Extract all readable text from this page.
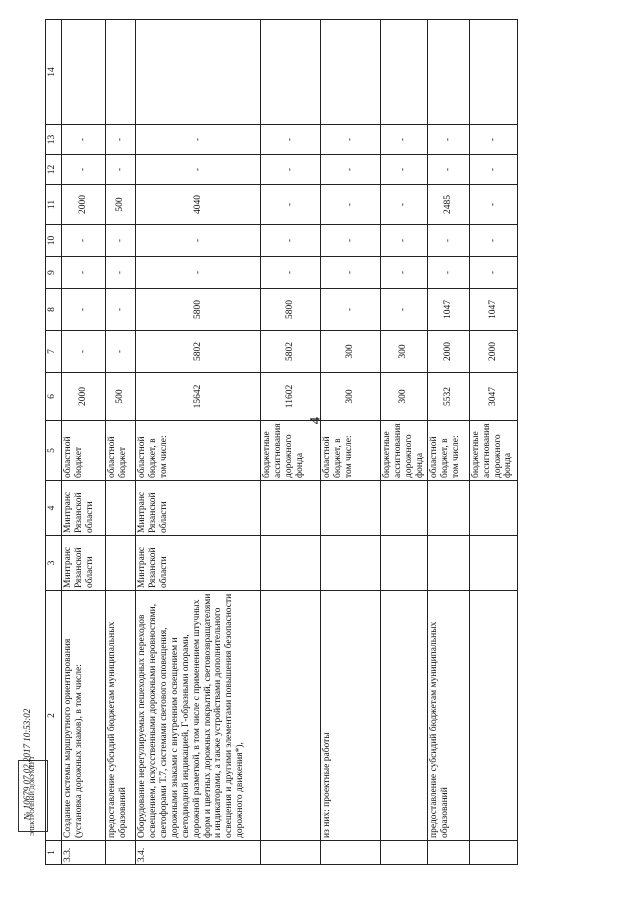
4
1	2	3	4	5	6	7	8	9	10	11	12	13	14
3.3.	Создание системы маршрутного ориентирования (установка дорожных знаков), в том числе:	Минтранс Рязанской области	Минтранс Рязанской области	областной бюджет	2000	-	-	-	-	2000	-	-	
	предоставление субсидий бюджетам муниципальных образований			областной бюджет	500	-	-	-	-	500	-	-	
3.4.	Оборудование нерегулируемых пешеходных переходов освещением, искусственными дорожными неровностями, светофорами Т.7, системами светового оповещения, дорожными знаками с внутренним освещением и светодиодной индикацией, Г-образными опорами, дорожной разметкой, в том числе с применением штучных форм и цветных дорожных покрытий, световозвращателями и индикаторами, а также устройствами дополнительного освещения и другими элементами повышения безопасности дорожного движения*),	Минтранс Рязанской области	Минтранс Рязанской области	областной бюджет, в том числе:	15642	5802	5800	-	-	4040	-	-	
				бюджетные ассигнования дорожного фонда	11602	5802	5800	-	-	-	-	-	
	из них: проектные работы			областной бюджет, в том числе:	300	300	-	-	-	-	-	-	
				бюджетные ассигнования дорожного фонда	300	300	-	-	-	-	-	-	
	предоставление субсидий бюджетам муниципальных образований			областной бюджет, в том числе:	5532	2000	1047	-	-	2485	-	-	
				бюджетные ассигнования дорожного фонда	3047	2000	1047	-	-	-	-	-	
ЭЛЕКТРОННЫЙ ДОКУМЕНТ
№ 10679 07.02.2017 10:53:02
